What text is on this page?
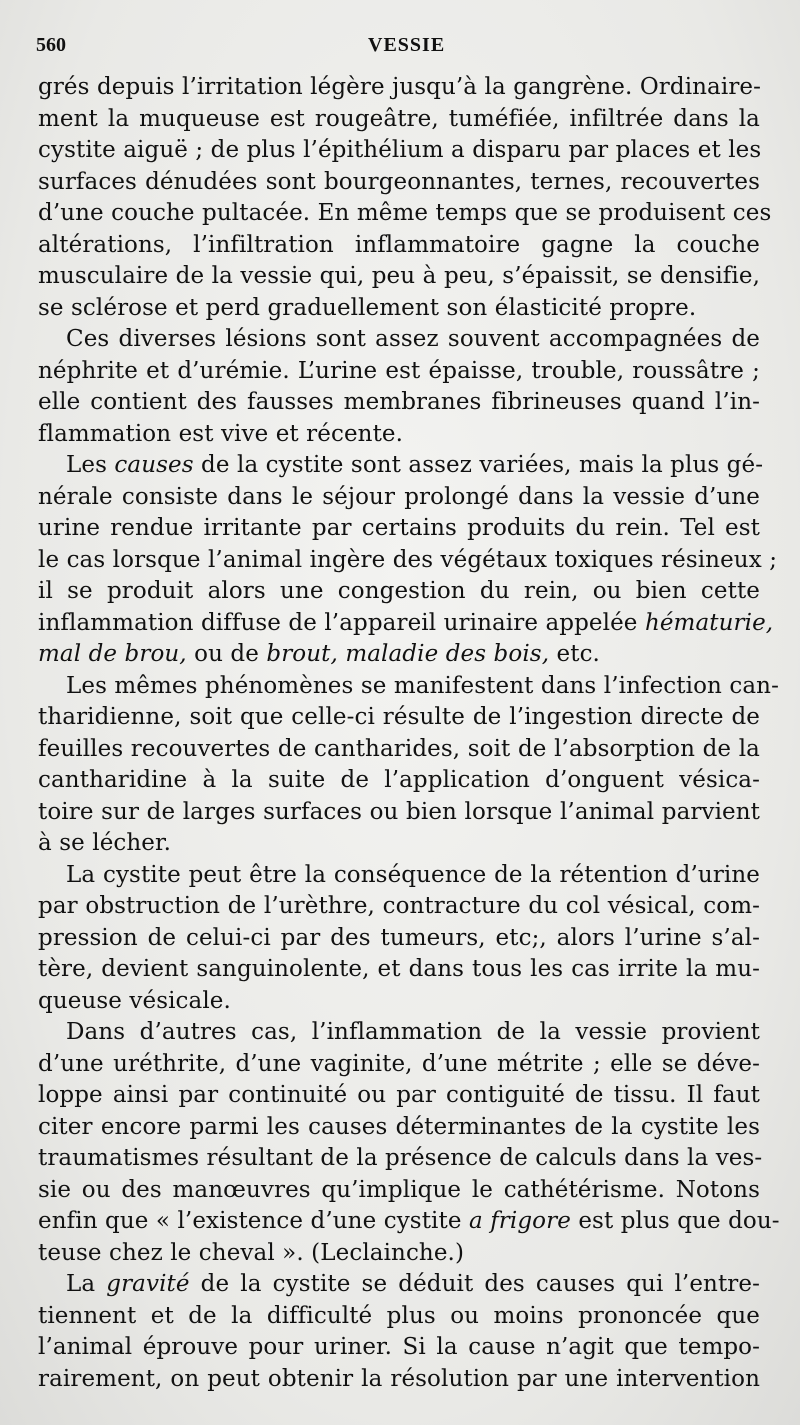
560	VESSIE
grés depuis l’irritation légère jusqu’à la gangrène. Ordinaire-
ment la muqueuse est rougeâtre, tuméfiée, infiltrée dans la
cystite aiguë ; de plus l’épithélium a disparu par places et les
surfaces dénudées sont bourgeonnantes, ternes, recouvertes
d’une couche pultacée. En même temps que se produisent ces
altérations, l’infiltration inflammatoire gagne la couche
musculaire de la vessie qui, peu à peu, s’épaissit, se densifie,
se sclérose et perd graduellement son élasticité propre.
Ces diverses lésions sont assez souvent accompagnées de
néphrite et d’urémie. L’urine est épaisse, trouble, roussâtre ;
elle contient des fausses membranes fibrineuses quand l’in-
flammation est vive et récente.
Les causes de la cystite sont assez variées, mais la plus gé-
nérale consiste dans le séjour prolongé dans la vessie d’une
urine rendue irritante par certains produits du rein. Tel est
le cas lorsque l’animal ingère des végétaux toxiques résineux ;
il se produit alors une congestion du rein, ou bien cette
inflammation diffuse de l’appareil urinaire appelée hématurie,
mal de brou, ou de brout, maladie des bois, etc.
Les mêmes phénomènes se manifestent dans l’infection can-
tharidienne, soit que celle-ci résulte de l’ingestion directe de
feuilles recouvertes de cantharides, soit de l’absorption de la
cantharidine à la suite de l’application d’onguent vésica-
toire sur de larges surfaces ou bien lorsque l’animal parvient
à se lécher.
La cystite peut être la conséquence de la rétention d’urine
par obstruction de l’urèthre, contracture du col vésical, com-
pression de celui-ci par des tumeurs, etc;, alors l’urine s’al-
tère, devient sanguinolente, et dans tous les cas irrite la mu-
queuse vésicale.
Dans d’autres cas, l’inflammation de la vessie provient
d’une uréthrite, d’une vaginite, d’une métrite ; elle se déve-
loppe ainsi par continuité ou par contiguité de tissu. Il faut
citer encore parmi les causes déterminantes de la cystite les
traumatismes résultant de la présence de calculs dans la ves-
sie ou des manœuvres qu’implique le cathétérisme. Notons
enfin que « l’existence d’une cystite a frigore est plus que dou-
teuse chez le cheval ». (Leclainche.)
La gravité de la cystite se déduit des causes qui l’entre-
tiennent et de la difficulté plus ou moins prononcée que
l’animal éprouve pour uriner. Si la cause n’agit que tempo-
rairement, on peut obtenir la résolution par une intervention
